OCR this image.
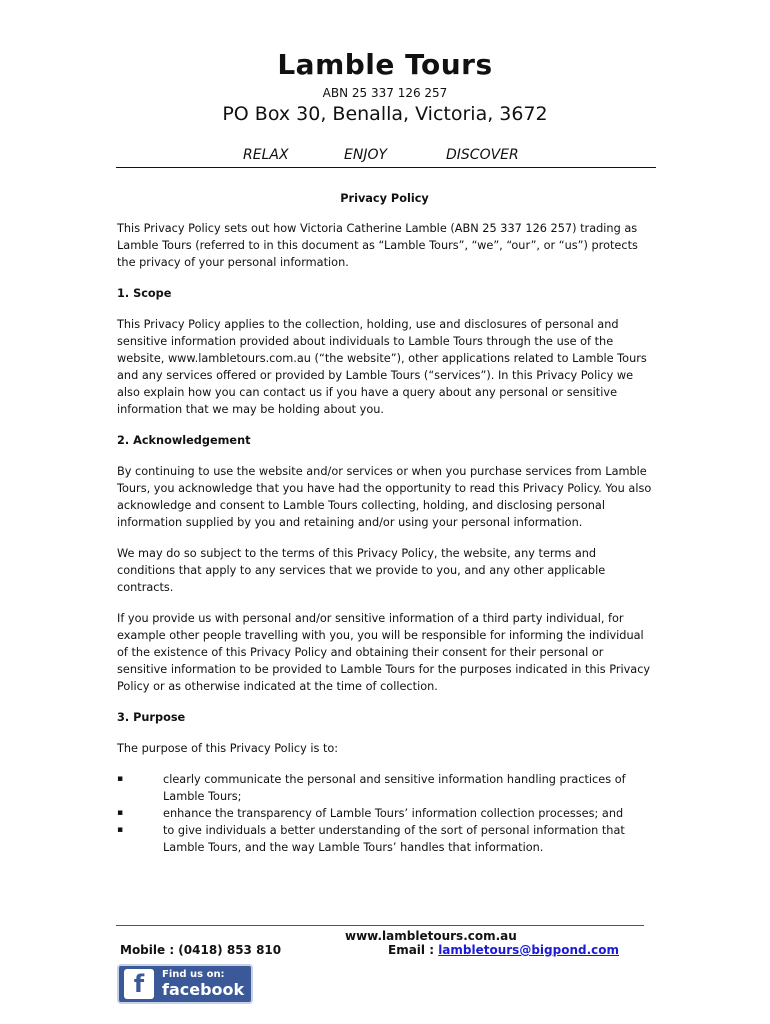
Lamble Tours
ABN 25 337 126 257
PO Box 30, Benalla, Victoria, 3672
RELAX	ENJOY	DISCOVER
Privacy Policy

This Privacy Policy sets out how Victoria Catherine Lamble (ABN 25 337 126 257) trading as Lamble Tours (referred to in this document as “Lamble Tours”, “we”, “our”, or “us”) protects the privacy of your personal information.

1. Scope

This Privacy Policy applies to the collection, holding, use and disclosures of personal and sensitive information provided about individuals to Lamble Tours through the use of the website, www.lambletours.com.au (“the website”), other applications related to Lamble Tours and any services offered or provided by Lamble Tours (“services”). In this Privacy Policy we also explain how you can contact us if you have a query about any personal or sensitive information that we may be holding about you.

2. Acknowledgement

By continuing to use the website and/or services or when you purchase services from Lamble Tours, you acknowledge that you have had the opportunity to read this Privacy Policy. You also acknowledge and consent to Lamble Tours collecting, holding, and disclosing personal information supplied by you and retaining and/or using your personal information.

We may do so subject to the terms of this Privacy Policy, the website, any terms and conditions that apply to any services that we provide to you, and any other applicable contracts.

If you provide us with personal and/or sensitive information of a third party individual, for example other people travelling with you, you will be responsible for informing the individual of the existence of this Privacy Policy and obtaining their consent for their personal or sensitive information to be provided to Lamble Tours for the purposes indicated in this Privacy Policy or as otherwise indicated at the time of collection.

3. Purpose

The purpose of this Privacy Policy is to:

▪	clearly communicate the personal and sensitive information handling practices of Lamble Tours;
▪	enhance the transparency of Lamble Tours’ information collection processes; and
▪	to give individuals a better understanding of the sort of personal information that Lamble Tours, and the way Lamble Tours’ handles that information.
www.lambletours.com.au
Mobile : (0418) 853 810	Email : lambletours@bigpond.com
f Find us on:
facebook
